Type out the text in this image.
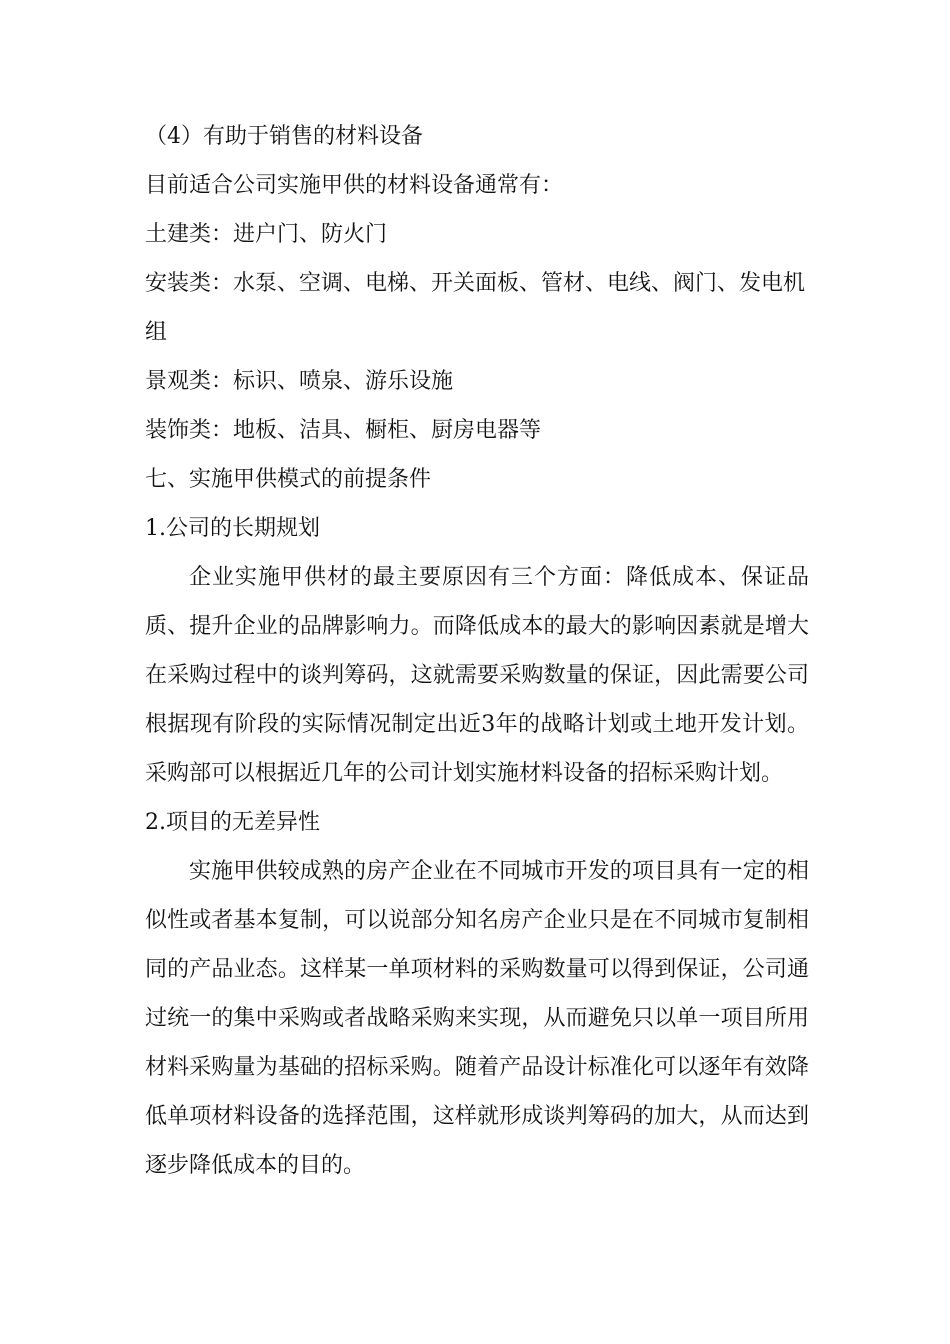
（4）有助于销售的材料设备

目前适合公司实施甲供的材料设备通常有：

土建类：进户门、防火门

安装类：水泵、空调、电梯、开关面板、管材、电线、阀门、发电机组

景观类：标识、喷泉、游乐设施

装饰类：地板、洁具、橱柜、厨房电器等

七、实施甲供模式的前提条件

1.公司的长期规划

企业实施甲供材的最主要原因有三个方面：降低成本、保证品质、提升企业的品牌影响力。而降低成本的最大的影响因素就是增大在采购过程中的谈判筹码，这就需要采购数量的保证，因此需要公司根据现有阶段的实际情况制定出近3年的战略计划或土地开发计划。采购部可以根据近几年的公司计划实施材料设备的招标采购计划。

2.项目的无差异性

实施甲供较成熟的房产企业在不同城市开发的项目具有一定的相似性或者基本复制，可以说部分知名房产企业只是在不同城市复制相同的产品业态。这样某一单项材料的采购数量可以得到保证，公司通过统一的集中采购或者战略采购来实现，从而避免只以单一项目所用材料采购量为基础的招标采购。随着产品设计标准化可以逐年有效降低单项材料设备的选择范围，这样就形成谈判筹码的加大，从而达到逐步降低成本的目的。
